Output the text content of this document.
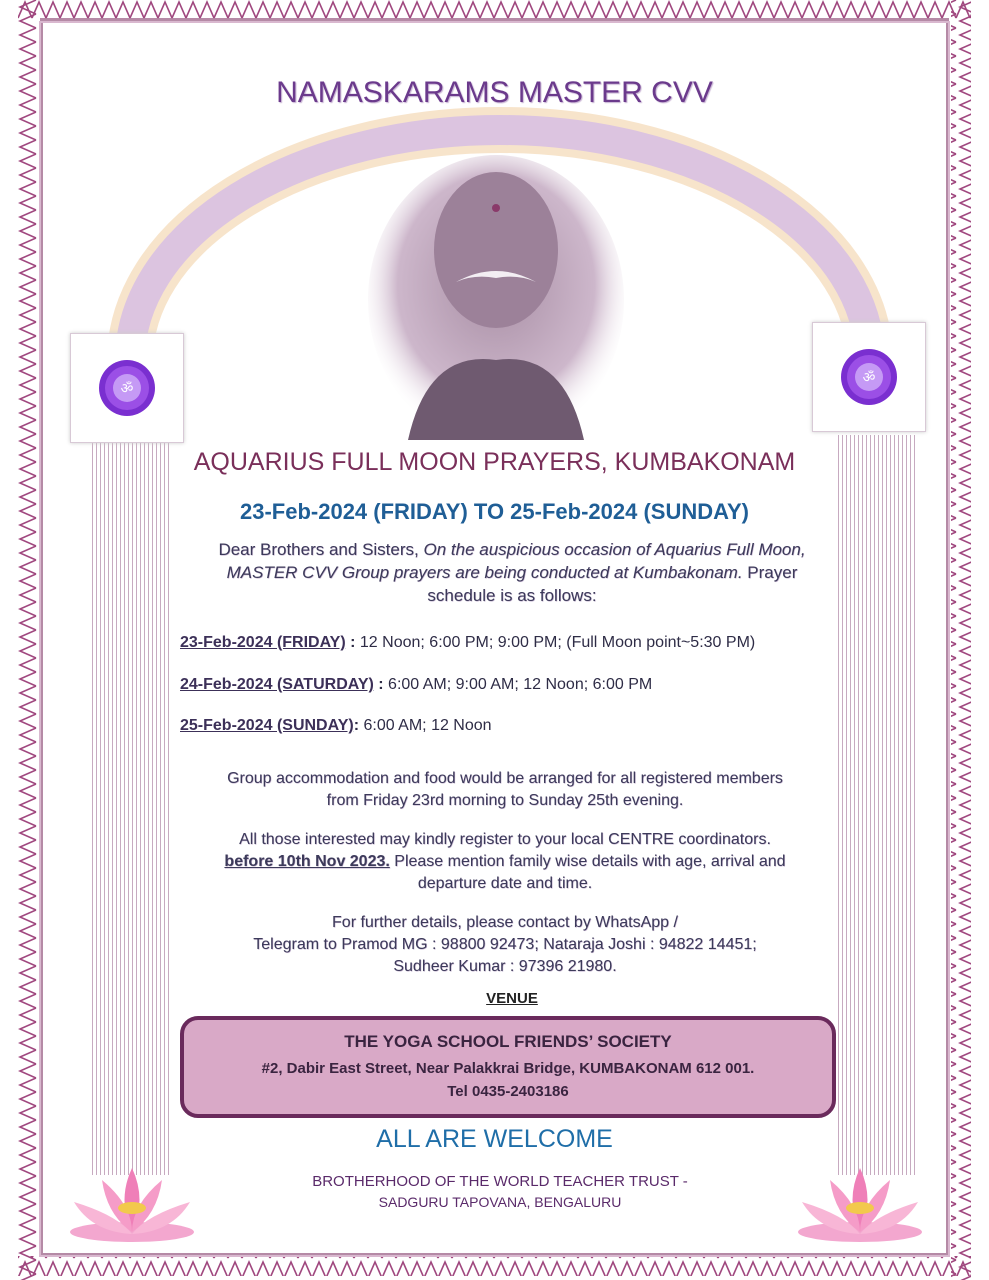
ॐ
ॐ
NAMASKARAMS MASTER CVV
AQUARIUS FULL MOON PRAYERS, KUMBAKONAM
23-Feb-2024 (FRIDAY) TO 25-Feb-2024 (SUNDAY)
Dear Brothers and Sisters, On the auspicious occasion of Aquarius Full Moon, MASTER CVV Group prayers are being conducted at Kumbakonam. Prayer schedule is as follows:
23-Feb-2024 (FRIDAY) : 12 Noon; 6:00 PM; 9:00 PM; (Full Moon point~5:30 PM)
24-Feb-2024 (SATURDAY) : 6:00 AM; 9:00 AM; 12 Noon; 6:00 PM
25-Feb-2024 (SUNDAY): 6:00 AM; 12 Noon
Group accommodation and food would be arranged for all registered members
from Friday 23rd morning to Sunday 25th evening.
All those interested may kindly register to your local CENTRE coordinators.
before 10th Nov 2023. Please mention family wise details with age, arrival and
departure date and time.
For further details, please contact by WhatsApp /
Telegram to Pramod MG : 98800 92473; Nataraja Joshi : 94822 14451;
Sudheer Kumar : 97396 21980.
VENUE
THE YOGA SCHOOL FRIENDS’ SOCIETY
#2, Dabir East Street, Near Palakkrai Bridge, KUMBAKONAM 612 001.
Tel 0435-2403186
ALL ARE WELCOME
BROTHERHOOD OF THE WORLD TEACHER TRUST -
SADGURU TAPOVANA, BENGALURU
